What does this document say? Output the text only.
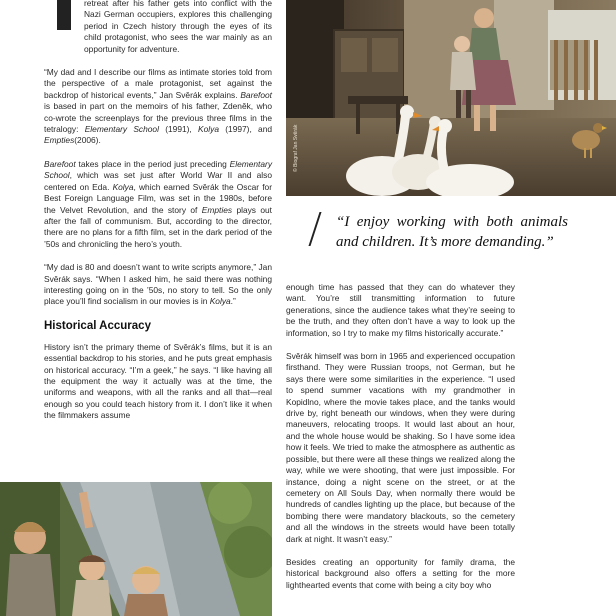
© Biograf Jan Svěrák

retreat after his father gets into conflict with the Nazi German occupiers, explores this challenging period in Czech history through the eyes of its child protagonist, who sees the war mainly as an opportunity for adventure.

“My dad and I describe our films as intimate stories told from the perspective of a male protagonist, set against the backdrop of historical events,” Jan Svěrák explains. Barefoot is based in part on the memoirs of his father, Zdeněk, who co-wrote the screenplays for the previous three films in the tetralogy: Elementary School (1991), Kolya (1997), and Empties(2006).

Barefoot takes place in the period just preceding Elementary School, which was set just after World War II and also centered on Eda. Kolya, which earned Svěrák the Oscar for Best Foreign Language Film, was set in the 1980s, before the Velvet Revolution, and the story of Empties plays out after the fall of communism. But, according to the director, there are no plans for a fifth film, set in the dark period of the ’50s and chronicling the hero’s youth.

“My dad is 80 and doesn’t want to write scripts anymore,” Jan Svěrák says. “When I asked him, he said there was nothing interesting going on in the ’50s, no story to tell. So the only place you’ll find socialism in our movies is in Kolya.”

Historical Accuracy

History isn’t the primary theme of Svěrák’s films, but it is an essential backdrop to his stories, and he puts great emphasis on historical accuracy. “I’m a geek,” he says. “I like having all the equipment the way it actually was at the time, the uniforms and weapons, with all the ranks and all that—real enough so you could teach history from it. I don’t like it when the filmmakers assume

“I enjoy working with both animals and children. It’s more demanding.”

enough time has passed that they can do whatever they want. You’re still transmitting information to future generations, since the audience takes what they’re seeing to be the truth, and they often don’t have a way to look up the information, so I try to make my films historically accurate.”

Svěrák himself was born in 1965 and experienced occupation firsthand. They were Russian troops, not German, but he says there were some similarities in the experience. “I used to spend summer vacations with my grandmother in Kopidlno, where the movie takes place, and the tanks would drive by, right beneath our windows, when they were during maneuvers, relocating troops. It would last about an hour, and the whole house would be shaking. So I have some idea how it feels. We tried to make the atmosphere as authentic as possible, but there were all these things we realized along the way, while we were shooting, that were just impossible. For instance, doing a night scene on the street, or at the cemetery on All Souls Day, when normally there would be hundreds of candles lighting up the place, but because of the bombing there were mandatory blackouts, so the cemetery and all the windows in the streets would have been totally dark at night. It wasn’t easy.”

Besides creating an opportunity for family drama, the historical background also offers a setting for the more lighthearted events that come with being a city boy who
